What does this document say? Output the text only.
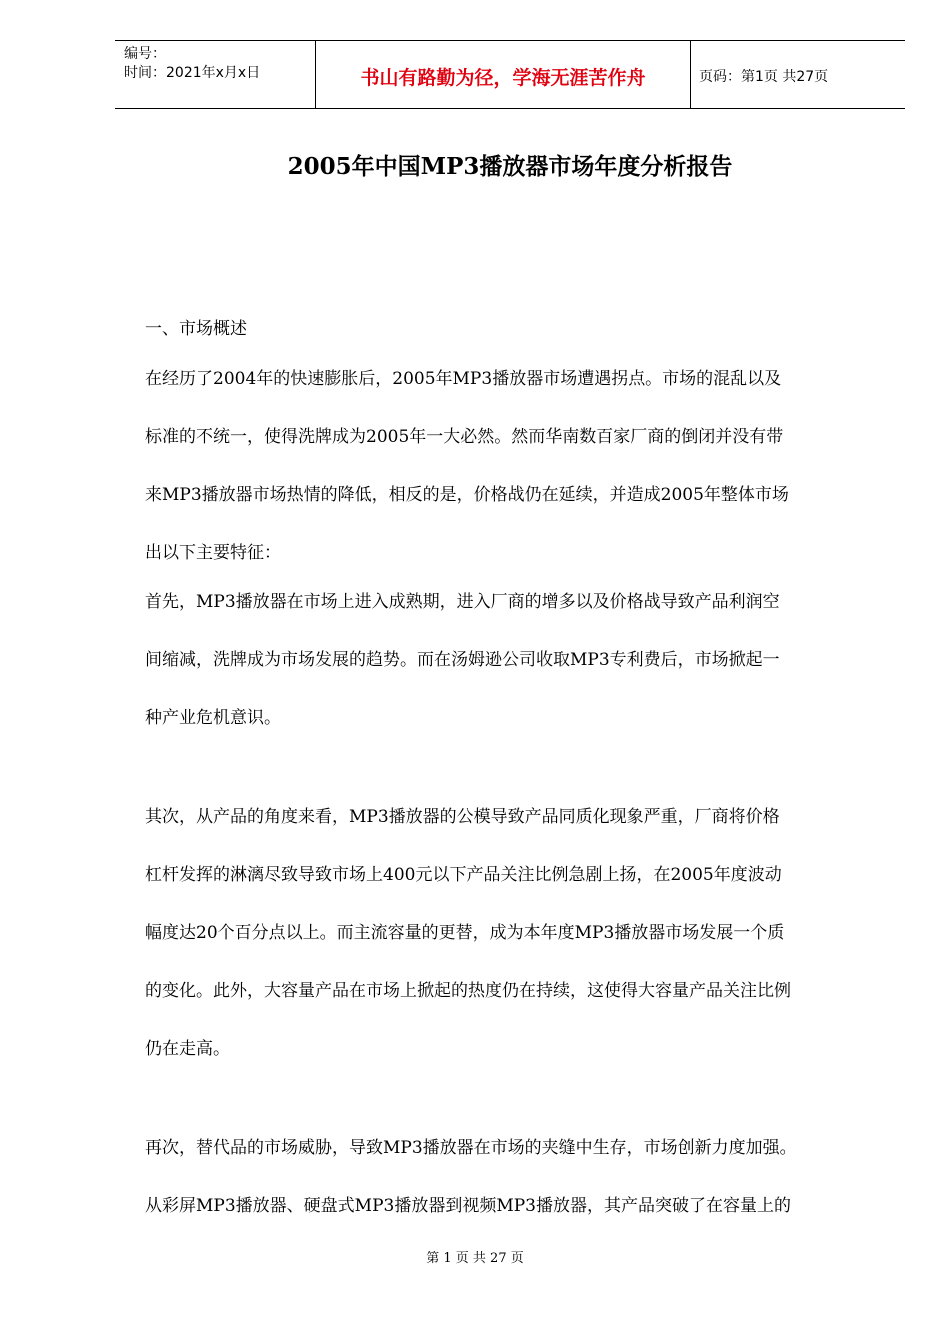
编号：
时间：2021年x月x日	书山有路勤为径，学海无涯苦作舟	页码：第1页 共27页
2005年中国MP3播放器市场年度分析报告
一、市场概述
在经历了2004年的快速膨胀后，2005年MP3播放器市场遭遇拐点。市场的混乱以及
标准的不统一，使得洗牌成为2005年一大必然。然而华南数百家厂商的倒闭并没有带
来MP3播放器市场热情的降低，相反的是，价格战仍在延续，并造成2005年整体市场
出以下主要特征：
首先，MP3播放器在市场上进入成熟期，进入厂商的增多以及价格战导致产品利润空
间缩减，洗牌成为市场发展的趋势。而在汤姆逊公司收取MP3专利费后，市场掀起一
种产业危机意识。
其次，从产品的角度来看，MP3播放器的公模导致产品同质化现象严重，厂商将价格
杠杆发挥的淋漓尽致导致市场上400元以下产品关注比例急剧上扬，在2005年度波动
幅度达20个百分点以上。而主流容量的更替，成为本年度MP3播放器市场发展一个质
的变化。此外，大容量产品在市场上掀起的热度仍在持续，这使得大容量产品关注比例
仍在走高。
再次，替代品的市场威胁，导致MP3播放器在市场的夹缝中生存，市场创新力度加强。
从彩屏MP3播放器、硬盘式MP3播放器到视频MP3播放器，其产品突破了在容量上的
第 1 页 共 27 页
